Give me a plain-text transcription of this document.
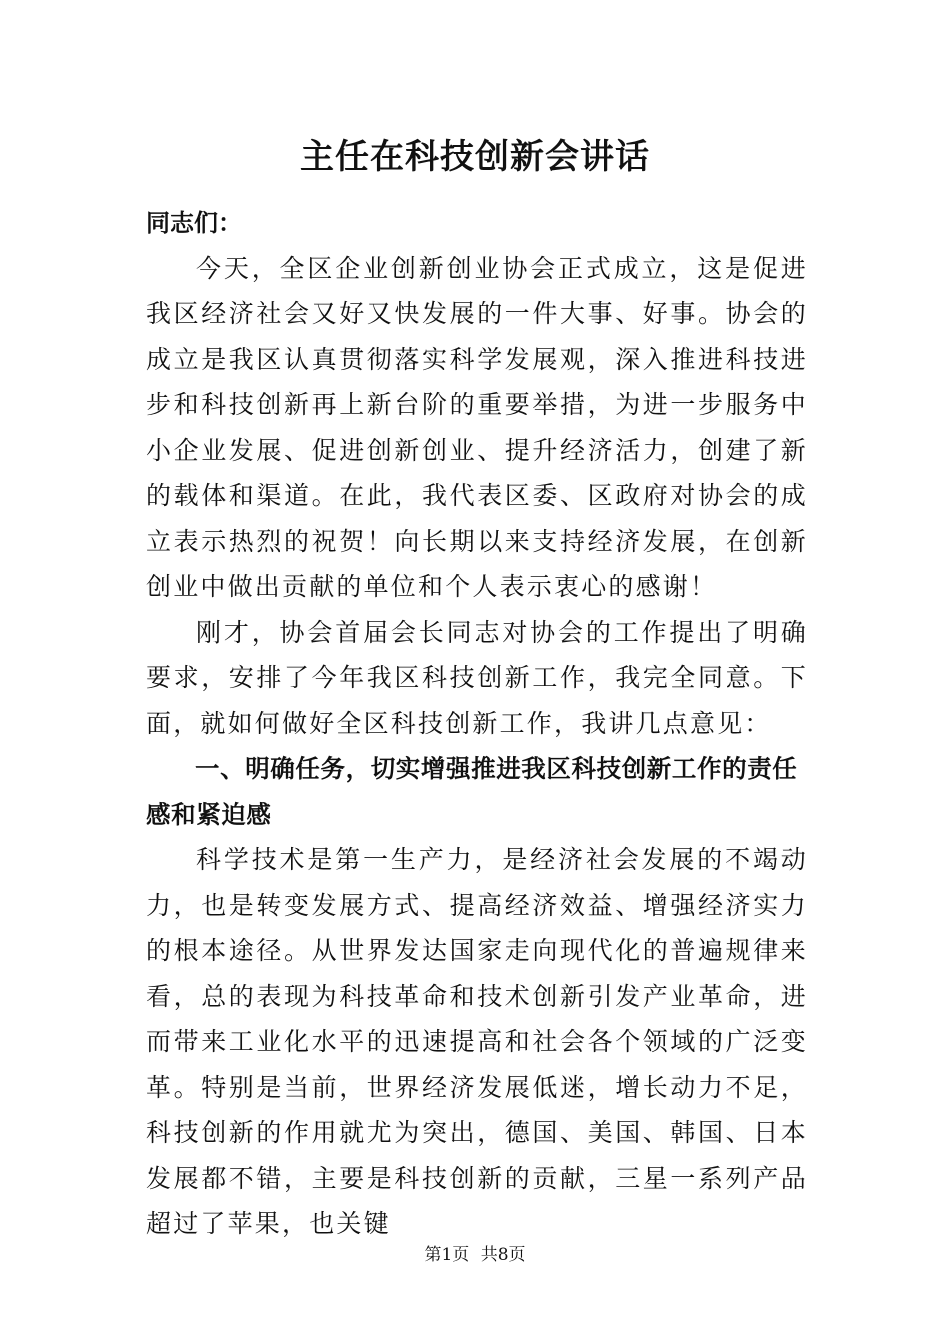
主任在科技创新会讲话

同志们：

今天，全区企业创新创业协会正式成立，这是促进我区经济社会又好又快发展的一件大事、好事。协会的成立是我区认真贯彻落实科学发展观，深入推进科技进步和科技创新再上新台阶的重要举措，为进一步服务中小企业发展、促进创新创业、提升经济活力，创建了新的载体和渠道。在此，我代表区委、区政府对协会的成立表示热烈的祝贺！向长期以来支持经济发展，在创新创业中做出贡献的单位和个人表示衷心的感谢！

刚才，协会首届会长同志对协会的工作提出了明确要求，安排了今年我区科技创新工作，我完全同意。下面，就如何做好全区科技创新工作，我讲几点意见：

一、明确任务，切实增强推进我区科技创新工作的责任感和紧迫感

科学技术是第一生产力，是经济社会发展的不竭动力，也是转变发展方式、提高经济效益、增强经济实力的根本途径。从世界发达国家走向现代化的普遍规律来看，总的表现为科技革命和技术创新引发产业革命，进而带来工业化水平的迅速提高和社会各个领域的广泛变革。特别是当前，世界经济发展低迷，增长动力不足，科技创新的作用就尤为突出，德国、美国、韩国、日本发展都不错，主要是科技创新的贡献，三星一系列产品超过了苹果，也关键

第1页 共8页
